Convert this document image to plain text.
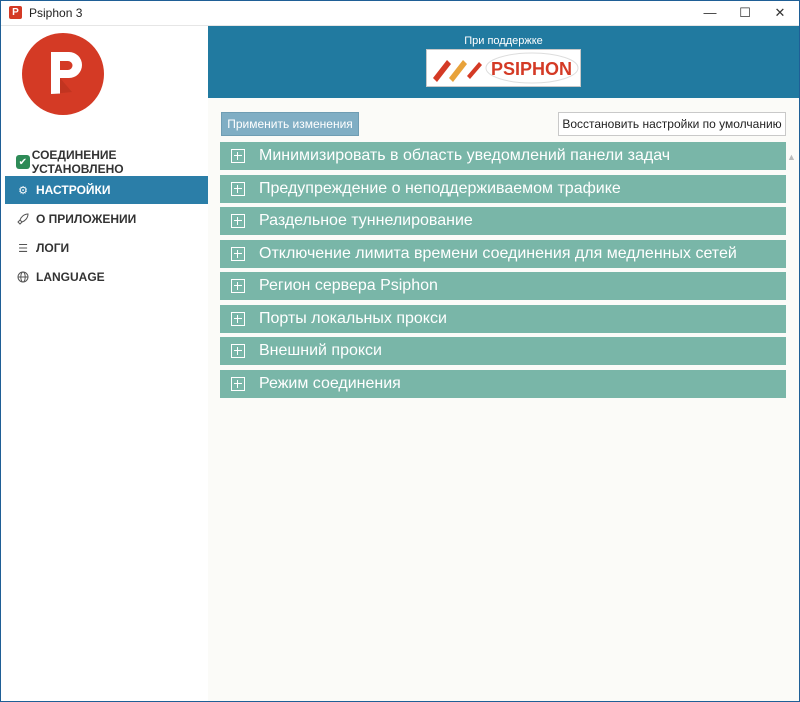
P Psiphon 3	—	☐	✕
✔ СОЕДИНЕНИЕ УСТАНОВЛЕНО
⚙ НАСТРОЙКИ
О ПРИЛОЖЕНИИ
☰ ЛОГИ
LANGUAGE
При поддержке
PSIPHON
Применить изменения	Восстановить настройки по умолчанию
▲
Минимизировать в область уведомлений панели задач
Предупреждение о неподдерживаемом трафике
Раздельное туннелирование
Отключение лимита времени соединения для медленных сетей
Регион сервера Psiphon
Порты локальных прокси
Внешний прокси
Режим соединения
